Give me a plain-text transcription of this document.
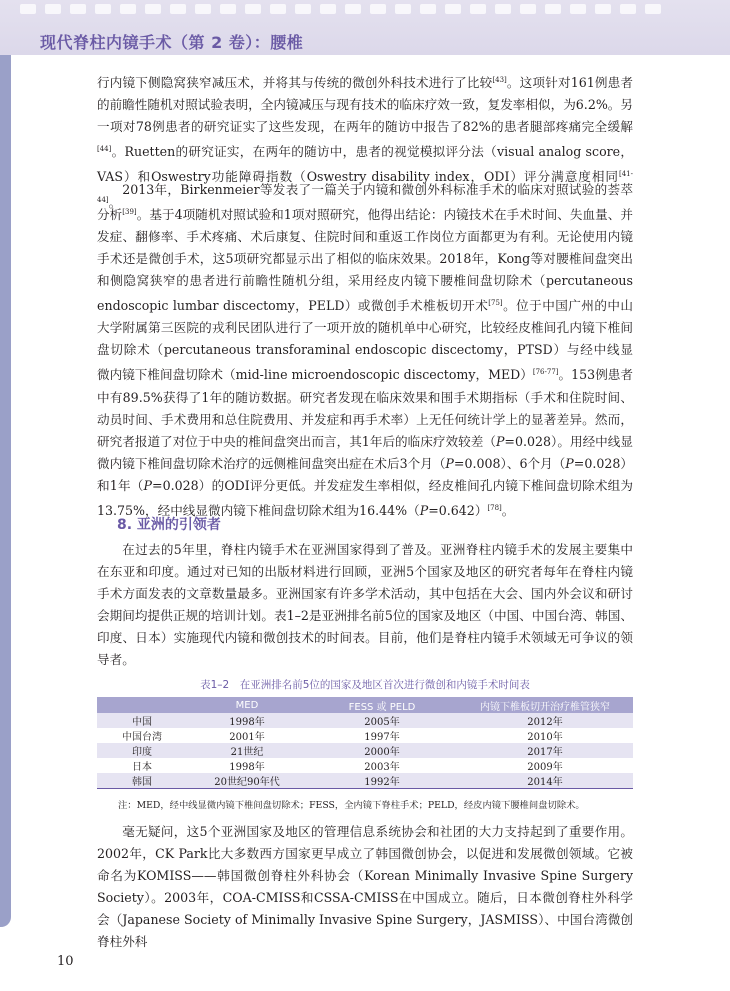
现代脊柱内镜手术（第 2 卷）：腰椎

行内镜下侧隐窝狭窄减压术，并将其与传统的微创外科技术进行了比较[43]。这项针对161例患者的前瞻性随机对照试验表明，全内镜减压与现有技术的临床疗效一致，复发率相似，为6.2%。另一项对78例患者的研究证实了这些发现，在两年的随访中报告了82%的患者腿部疼痛完全缓解[44]。Ruetten的研究证实，在两年的随访中，患者的视觉模拟评分法（visual analog score，VAS）和Oswestry功能障碍指数（Oswestry disability index，ODI）评分满意度相同[41-44]。

2013年，Birkenmeier等发表了一篇关于内镜和微创外科标准手术的临床对照试验的荟萃分析[39]。基于4项随机对照试验和1项对照研究，他得出结论：内镜技术在手术时间、失血量、并发症、翻修率、手术疼痛、术后康复、住院时间和重返工作岗位方面都更为有利。无论使用内镜手术还是微创手术，这5项研究都显示出了相似的临床效果。2018年，Kong等对腰椎间盘突出和侧隐窝狭窄的患者进行前瞻性随机分组，采用经皮内镜下腰椎间盘切除术（percutaneous endoscopic lumbar discectomy，PELD）或微创手术椎板切开术[75]。位于中国广州的中山大学附属第三医院的戎利民团队进行了一项开放的随机单中心研究，比较经皮椎间孔内镜下椎间盘切除术（percutaneous transforaminal endoscopic discectomy，PTSD）与经中线显微内镜下椎间盘切除术（mid-line microendoscopic discectomy，MED）[76-77]。153例患者中有89.5%获得了1年的随访数据。研究者发现在临床效果和围手术期指标（手术和住院时间、动员时间、手术费用和总住院费用、并发症和再手术率）上无任何统计学上的显著差异。然而，研究者报道了对位于中央的椎间盘突出而言，其1年后的临床疗效较差（P=0.028）。用经中线显微内镜下椎间盘切除术治疗的远侧椎间盘突出症在术后3个月（P=0.008）、6个月（P=0.028）和1年（P=0.028）的ODI评分更低。并发症发生率相似，经皮椎间孔内镜下椎间盘切除术组为13.75%，经中线显微内镜下椎间盘切除术组为16.44%（P=0.642）[78]。

8. 亚洲的引领者

在过去的5年里，脊柱内镜手术在亚洲国家得到了普及。亚洲脊柱内镜手术的发展主要集中在东亚和印度。通过对已知的出版材料进行回顾，亚洲5个国家及地区的研究者每年在脊柱内镜手术方面发表的文章数量最多。亚洲国家有许多学术活动，其中包括在大会、国内外会议和研讨会期间均提供正规的培训计划。表1–2是亚洲排名前5位的国家及地区（中国、中国台湾、韩国、印度、日本）实施现代内镜和微创技术的时间表。目前，他们是脊柱内镜手术领域无可争议的领导者。

表1–2　在亚洲排名前5位的国家及地区首次进行微创和内镜手术时间表
	MED	FESS 或 PELD	内镜下椎板切开治疗椎管狭窄
中国	1998年	2005年	2012年
中国台湾	2001年	1997年	2010年
印度	21世纪	2000年	2017年
日本	1998年	2003年	2009年
韩国	20世纪90年代	1992年	2014年

注：MED，经中线显微内镜下椎间盘切除术；FESS，全内镜下脊柱手术；PELD，经皮内镜下腰椎间盘切除术。

毫无疑问，这5个亚洲国家及地区的管理信息系统协会和社团的大力支持起到了重要作用。2002年，CK Park比大多数西方国家更早成立了韩国微创协会，以促进和发展微创领域。它被命名为KOMISS——韩国微创脊柱外科协会（Korean Minimally Invasive Spine Surgery Society）。2003年，COA-CMISS和CSSA-CMISS在中国成立。随后，日本微创脊柱外科学会（Japanese Society of Minimally Invasive Spine Surgery，JASMISS）、中国台湾微创脊柱外科

10
